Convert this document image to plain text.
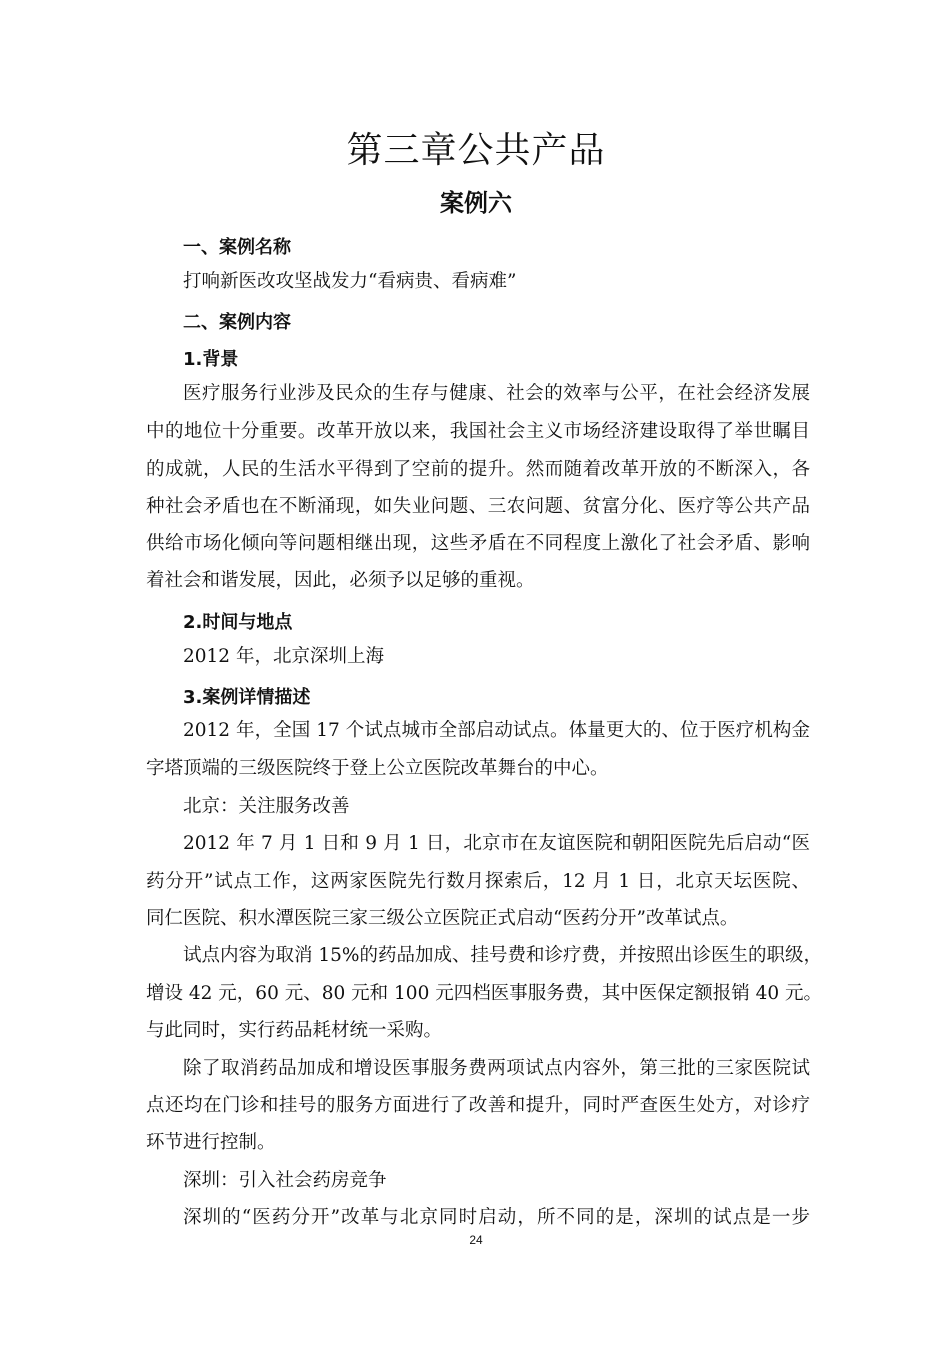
第三章公共产品
案例六
一、案例名称
打响新医改攻坚战发力“看病贵、看病难”
二、案例内容
1.背景
医疗服务行业涉及民众的生存与健康、社会的效率与公平，在社会经济发展
中的地位十分重要。改革开放以来，我国社会主义市场经济建设取得了举世瞩目
的成就，人民的生活水平得到了空前的提升。然而随着改革开放的不断深入，各
种社会矛盾也在不断涌现，如失业问题、三农问题、贫富分化、医疗等公共产品
供给市场化倾向等问题相继出现，这些矛盾在不同程度上激化了社会矛盾、影响
着社会和谐发展，因此，必须予以足够的重视。
2.时间与地点
2012 年，北京深圳上海
3.案例详情描述
2012 年，全国 17 个试点城市全部启动试点。体量更大的、位于医疗机构金
字塔顶端的三级医院终于登上公立医院改革舞台的中心。
北京：关注服务改善
2012 年 7 月 1 日和 9 月 1 日，北京市在友谊医院和朝阳医院先后启动“医
药分开”试点工作，这两家医院先行数月探索后，12 月 1 日，北京天坛医院、
同仁医院、积水潭医院三家三级公立医院正式启动“医药分开”改革试点。
试点内容为取消 15%的药品加成、挂号费和诊疗费，并按照出诊医生的职级，
增设 42 元，60 元、80 元和 100 元四档医事服务费，其中医保定额报销 40 元。
与此同时，实行药品耗材统一采购。
除了取消药品加成和增设医事服务费两项试点内容外，第三批的三家医院试
点还均在门诊和挂号的服务方面进行了改善和提升，同时严查医生处方，对诊疗
环节进行控制。
深圳：引入社会药房竞争
深圳的“医药分开”改革与北京同时启动，所不同的是，深圳的试点是一步
24
